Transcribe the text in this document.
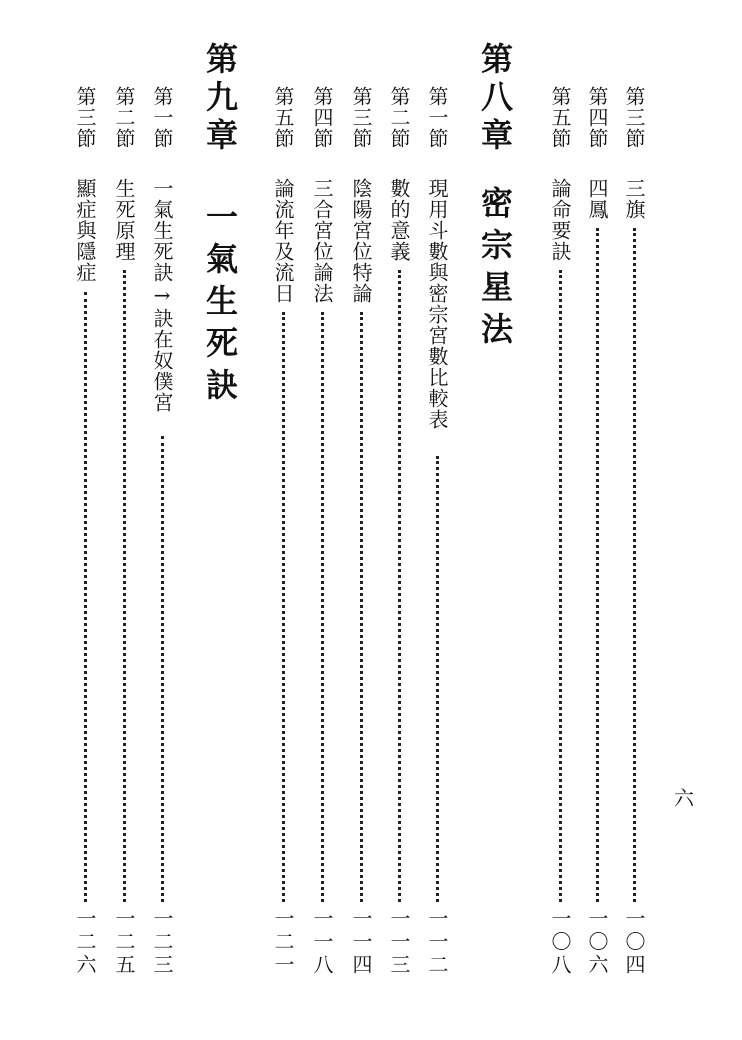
第三節
三旗
一〇四
第四節
四鳳
一〇六
第五節
論命要訣
一〇八
第八章
密宗星法
第一節
現用斗數與密宗宮數比較表
一一二
第二節
數的意義
一一三
第三節
陰陽宮位特論
一一四
第四節
三合宮位論法
一一八
第五節
論流年及流日
一二一
第九章
一氣生死訣
第一節
一氣生死訣→訣在奴僕宮
一二三
第二節
生死原理
一二五
第三節
顯症與隱症
一二六
六
